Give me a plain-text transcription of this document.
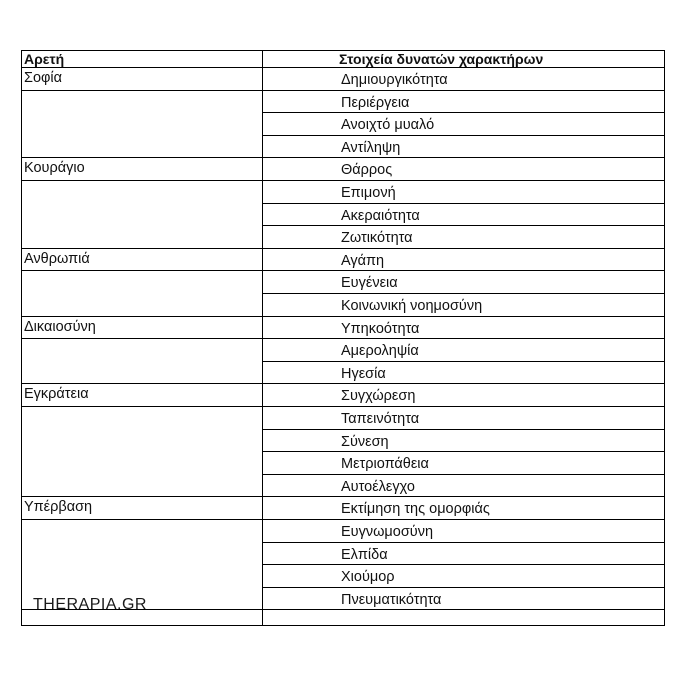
Αρετή	Στοιχεία δυνατών χαρακτήρων
Σοφία	Δημιουργικότητα
Περιέργεια
Ανοιχτό μυαλό
Αντίληψη
Κουράγιο	Θάρρος
Επιμονή
Ακεραιότητα
Ζωτικότητα
Ανθρωπιά	Αγάπη
Ευγένεια
Κοινωνική νοημοσύνη
Δικαιοσύνη	Υπηκοότητα
Αμεροληψία
Ηγεσία
Εγκράτεια	Συγχώρεση
Ταπεινότητα
Σύνεση
Μετριοπάθεια
Αυτοέλεγχο
Υπέρβαση	Εκτίμηση της ομορφιάς
Ευγνωμοσύνη
Ελπίδα
Χιούμορ
Πνευματικότητα
THERAPIA.GR
